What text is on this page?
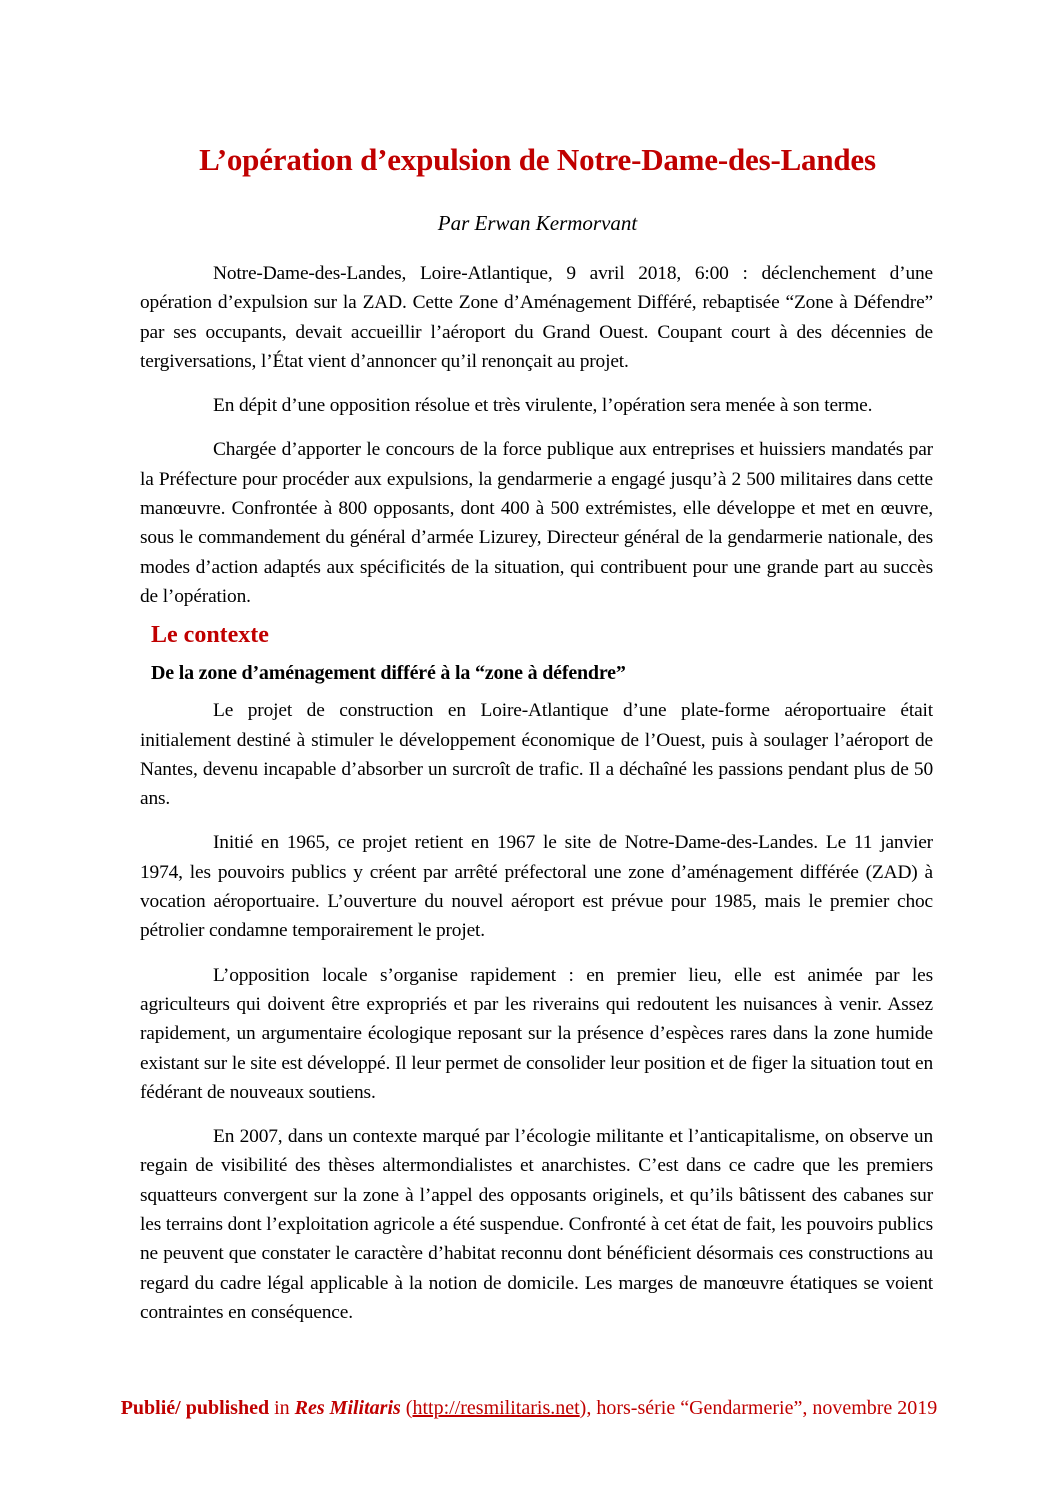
L’opération d’expulsion de Notre-Dame-des-Landes

Par Erwan Kermorvant

Notre-Dame-des-Landes, Loire-Atlantique, 9 avril 2018, 6:00 : déclenchement d’une opération d’expulsion sur la ZAD. Cette Zone d’Aménagement Différé, rebaptisée “Zone à Défendre” par ses occupants, devait accueillir l’aéroport du Grand Ouest. Coupant court à des décennies de tergiversations, l’État vient d’annoncer qu’il renonçait au projet.

En dépit d’une opposition résolue et très virulente, l’opération sera menée à son terme.

Chargée d’apporter le concours de la force publique aux entreprises et huissiers mandatés par la Préfecture pour procéder aux expulsions, la gendarmerie a engagé jusqu’à 2 500 militaires dans cette manœuvre. Confrontée à 800 opposants, dont 400 à 500 extrémistes, elle développe et met en œuvre, sous le commandement du général d’armée Lizurey, Directeur général de la gendarmerie nationale, des modes d’action adaptés aux spécificités de la situation, qui contribuent pour une grande part au succès de l’opération.

Le contexte
De la zone d’aménagement différé à la “zone à défendre”

Le projet de construction en Loire-Atlantique d’une plate-forme aéroportuaire était initialement destiné à stimuler le développement économique de l’Ouest, puis à soulager l’aéroport de Nantes, devenu incapable d’absorber un surcroît de trafic. Il a déchaîné les passions pendant plus de 50 ans.

Initié en 1965, ce projet retient en 1967 le site de Notre-Dame-des-Landes. Le 11 janvier 1974, les pouvoirs publics y créent par arrêté préfectoral une zone d’aménagement différée (ZAD) à vocation aéroportuaire. L’ouverture du nouvel aéroport est prévue pour 1985, mais le premier choc pétrolier condamne temporairement le projet.

L’opposition locale s’organise rapidement : en premier lieu, elle est animée par les agriculteurs qui doivent être expropriés et par les riverains qui redoutent les nuisances à venir. Assez rapidement, un argumentaire écologique reposant sur la présence d’espèces rares dans la zone humide existant sur le site est développé. Il leur permet de consolider leur position et de figer la situation tout en fédérant de nouveaux soutiens.

En 2007, dans un contexte marqué par l’écologie militante et l’anticapitalisme, on observe un regain de visibilité des thèses altermondialistes et anarchistes. C’est dans ce cadre que les premiers squatteurs convergent sur la zone à l’appel des opposants originels, et qu’ils bâtissent des cabanes sur les terrains dont l’exploitation agricole a été suspendue. Confronté à cet état de fait, les pouvoirs publics ne peuvent que constater le caractère d’habitat reconnu dont bénéficient désormais ces constructions au regard du cadre légal applicable à la notion de domicile. Les marges de manœuvre étatiques se voient contraintes en conséquence.

Publié/ published in Res Militaris (http://resmilitaris.net), hors-série “Gendarmerie”, novembre 2019
